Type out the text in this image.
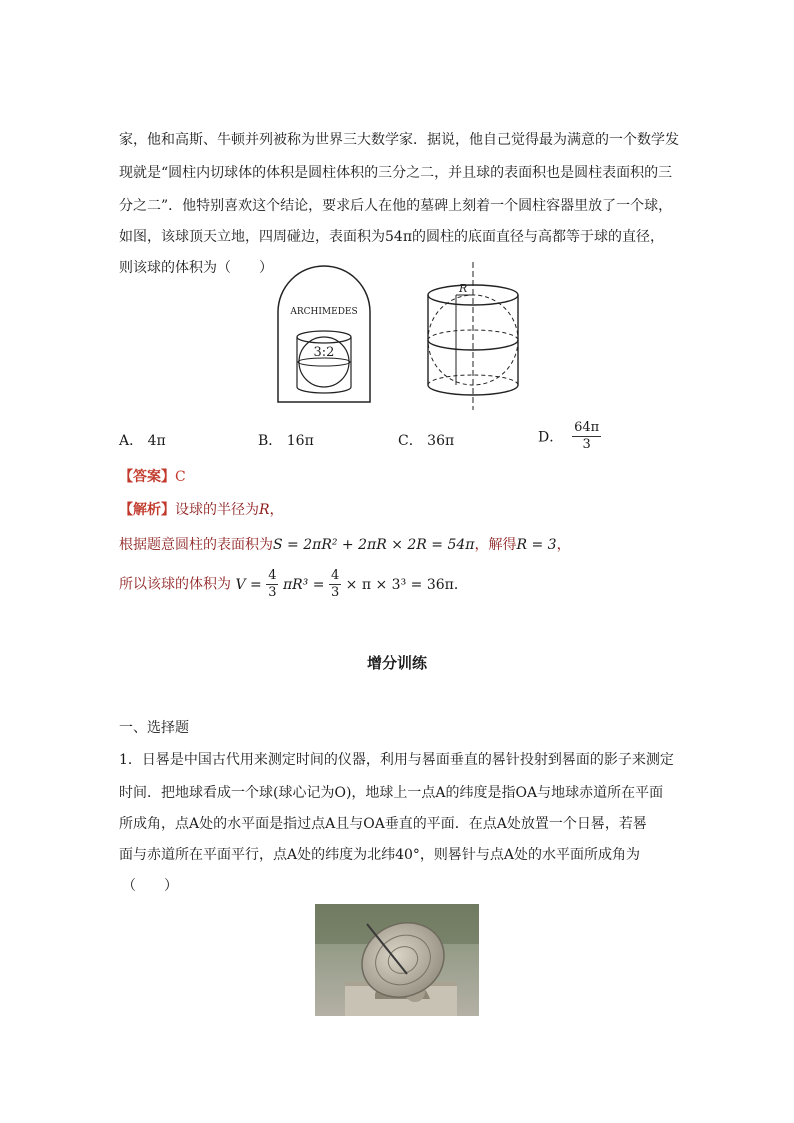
家，他和高斯、牛顿并列被称为世界三大数学家．据说，他自己觉得最为满意的一个数学发
现就是“圆柱内切球体的体积是圆柱体积的三分之二，并且球的表面积也是圆柱表面积的三
分之二”．他特别喜欢这个结论，要求后人在他的墓碑上刻着一个圆柱容器里放了一个球，
如图，该球顶天立地，四周碰边，表面积为54π的圆柱的底面直径与高都等于球的直径，
则该球的体积为（　　）
ARCHIMEDES
3:2
R
A． 4π	B． 16π	C． 36π	D． $\frac{64\pi}{3}$
【答案】C
【解析】设球的半径为R，
根据题意圆柱的表面积为S = 2πR² + 2πR × 2R = 54π，解得R = 3，
所以该球的体积为 $V = \frac{4}{3} \pi R^3 = \frac{4}{3} \times \pi \times 3^3 = 36\pi$．
增分训练
一、选择题
1．日晷是中国古代用来测定时间的仪器，利用与晷面垂直的晷针投射到晷面的影子来测定
时间．把地球看成一个球(球心记为O)，地球上一点A的纬度是指OA与地球赤道所在平面
所成角，点A处的水平面是指过点A且与OA垂直的平面．在点A处放置一个日晷，若晷
面与赤道所在平面平行，点A处的纬度为北纬40°，则晷针与点A处的水平面所成角为
（　　）
